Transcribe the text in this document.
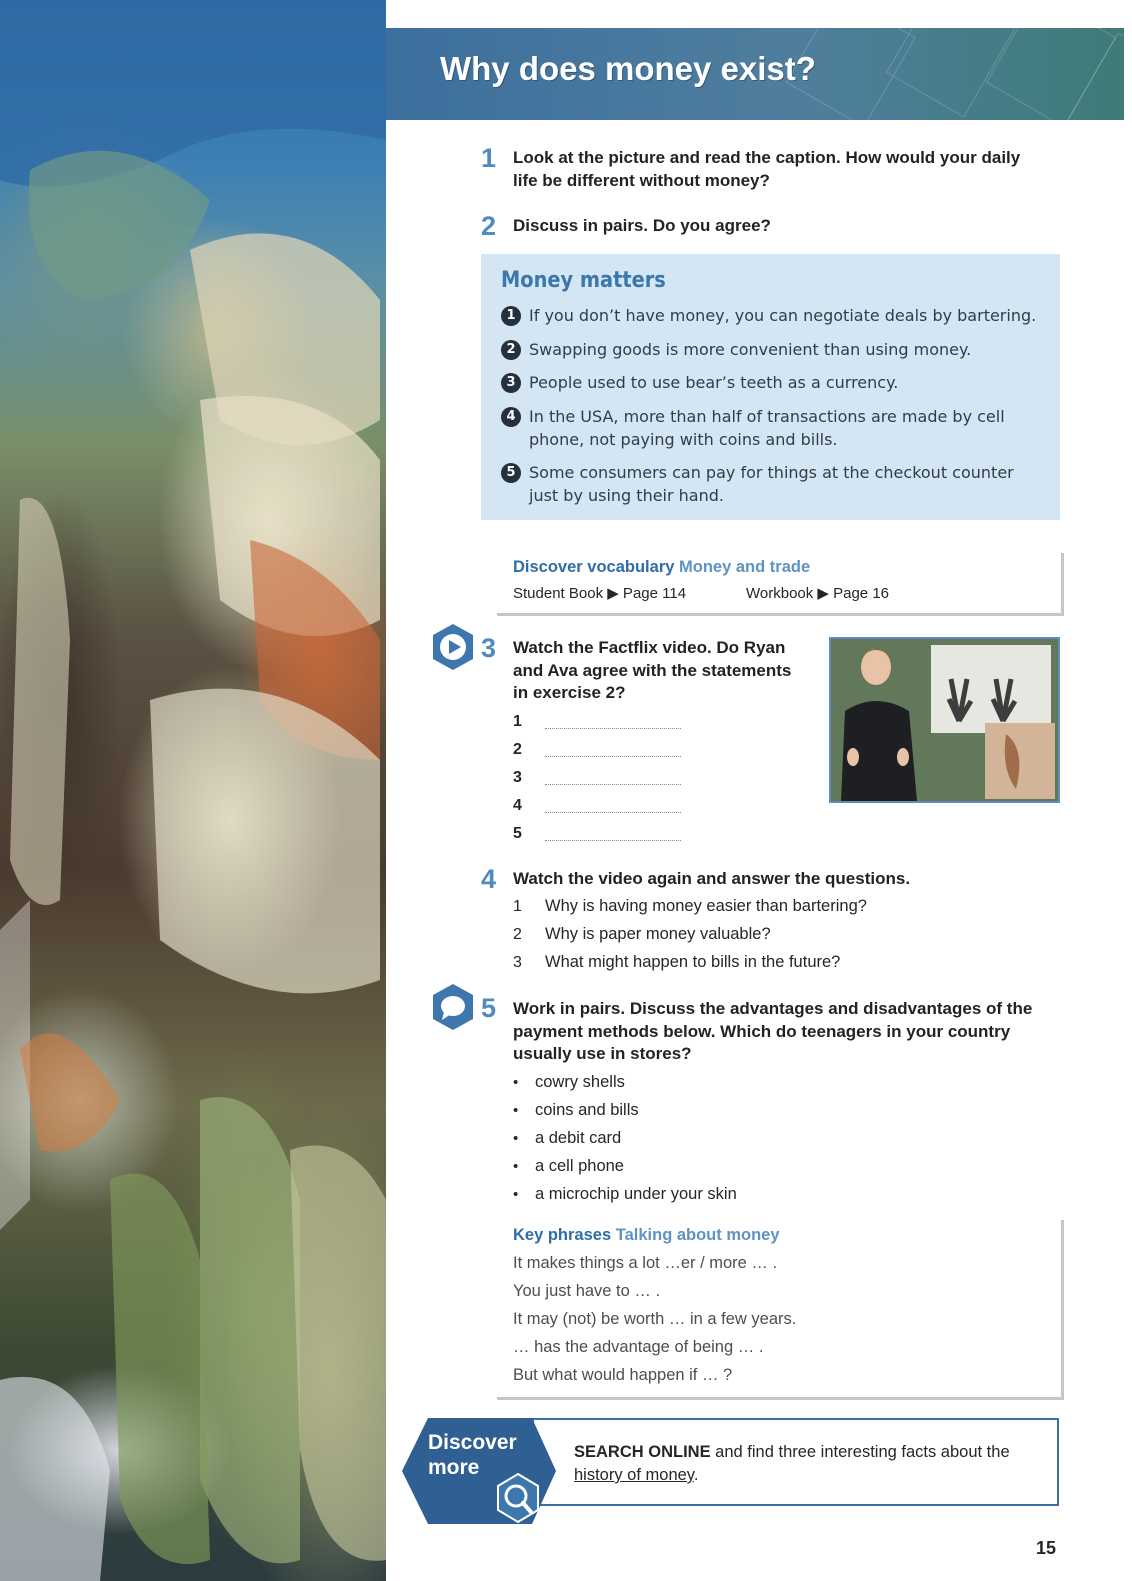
Why does money exist?
1 Look at the picture and read the caption. How would your daily
life be different without money?
2 Discuss in pairs. Do you agree?
Money matters
1 If you don’t have money, you can negotiate deals by bartering.
2 Swapping goods is more convenient than using money.
3 People used to use bear’s teeth as a currency.
4 In the USA, more than half of transactions are made by cell
phone, not paying with coins and bills.
5 Some consumers can pay for things at the checkout counter
just by using their hand.
Discover vocabulary Money and trade
Student Book ▶ Page 114	Workbook ▶ Page 16
3 Watch the Factflix video. Do Ryan
and Ava agree with the statements
in exercise 2?
1
2
3
4
5
4 Watch the video again and answer the questions.
1 Why is having money easier than bartering?
2 Why is paper money valuable?
3 What might happen to bills in the future?
5 Work in pairs. Discuss the advantages and disadvantages of the
payment methods below. Which do teenagers in your country
usually use in stores?
• cowry shells
• coins and bills
• a debit card
• a cell phone
• a microchip under your skin
Key phrases Talking about money
It makes things a lot …er / more … .
You just have to … .
It may (not) be worth … in a few years.
… has the advantage of being … .
But what would happen if … ?
Discover
more
SEARCH ONLINE and find three interesting facts about the
history of money.
15
